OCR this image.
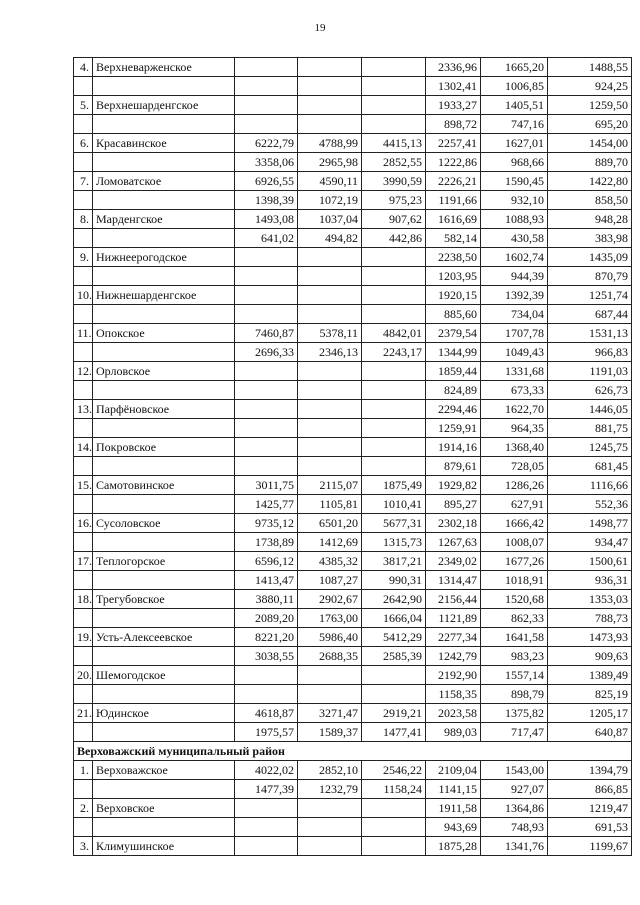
19
4.	Верхневарженское				2336,96	1665,20	1488,55
					1302,41	1006,85	924,25
5.	Верхнешарденгское				1933,27	1405,51	1259,50
					898,72	747,16	695,20
6.	Красавинское	6222,79	4788,99	4415,13	2257,41	1627,01	1454,00
		3358,06	2965,98	2852,55	1222,86	968,66	889,70
7.	Ломоватское	6926,55	4590,11	3990,59	2226,21	1590,45	1422,80
		1398,39	1072,19	975,23	1191,66	932,10	858,50
8.	Марденгское	1493,08	1037,04	907,62	1616,69	1088,93	948,28
		641,02	494,82	442,86	582,14	430,58	383,98
9.	Нижнеерогодское				2238,50	1602,74	1435,09
					1203,95	944,39	870,79
10.	Нижнешарденгское				1920,15	1392,39	1251,74
					885,60	734,04	687,44
11.	Опокское	7460,87	5378,11	4842,01	2379,54	1707,78	1531,13
		2696,33	2346,13	2243,17	1344,99	1049,43	966,83
12.	Орловское				1859,44	1331,68	1191,03
					824,89	673,33	626,73
13.	Парфёновское				2294,46	1622,70	1446,05
					1259,91	964,35	881,75
14.	Покровское				1914,16	1368,40	1245,75
					879,61	728,05	681,45
15.	Самотовинское	3011,75	2115,07	1875,49	1929,82	1286,26	1116,66
		1425,77	1105,81	1010,41	895,27	627,91	552,36
16.	Сусоловское	9735,12	6501,20	5677,31	2302,18	1666,42	1498,77
		1738,89	1412,69	1315,73	1267,63	1008,07	934,47
17.	Теплогорское	6596,12	4385,32	3817,21	2349,02	1677,26	1500,61
		1413,47	1087,27	990,31	1314,47	1018,91	936,31
18.	Трегубовское	3880,11	2902,67	2642,90	2156,44	1520,68	1353,03
		2089,20	1763,00	1666,04	1121,89	862,33	788,73
19.	Усть-Алексеевское	8221,20	5986,40	5412,29	2277,34	1641,58	1473,93
		3038,55	2688,35	2585,39	1242,79	983,23	909,63
20.	Шемогодское				2192,90	1557,14	1389,49
					1158,35	898,79	825,19
21.	Юдинское	4618,87	3271,47	2919,21	2023,58	1375,82	1205,17
		1975,57	1589,37	1477,41	989,03	717,47	640,87
Верховажский муниципальный район							
1.	Верховажское	4022,02	2852,10	2546,22	2109,04	1543,00	1394,79
		1477,39	1232,79	1158,24	1141,15	927,07	866,85
2.	Верховское				1911,58	1364,86	1219,47
					943,69	748,93	691,53
3.	Климушинское				1875,28	1341,76	1199,67
